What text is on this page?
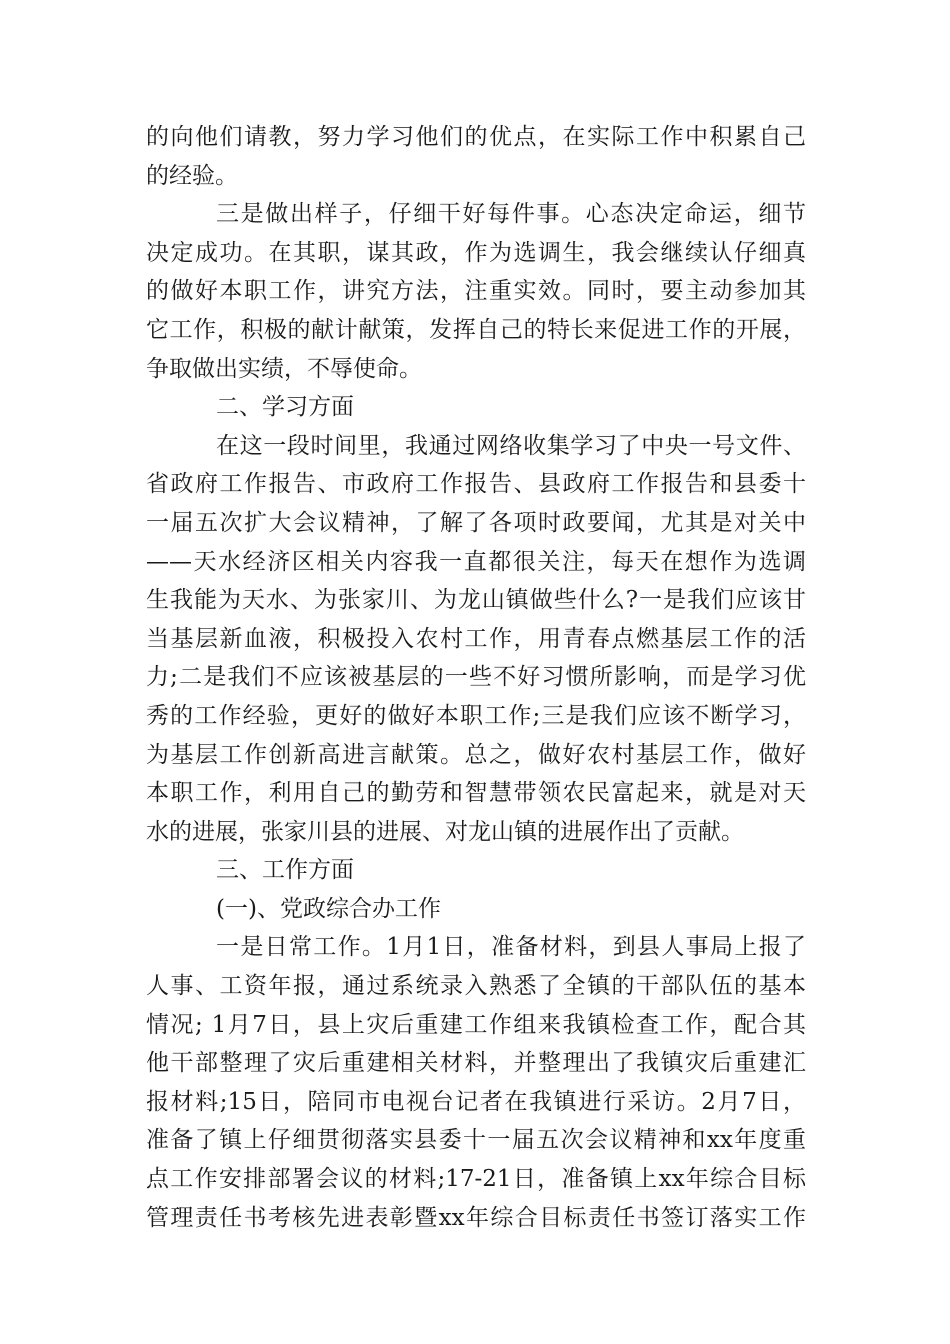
的向他们请教，努力学习他们的优点，在实际工作中积累自己
的经验。
三是做出样子，仔细干好每件事。心态决定命运，细节
决定成功。在其职，谋其政，作为选调生，我会继续认仔细真
的做好本职工作，讲究方法，注重实效。同时，要主动参加其
它工作，积极的献计献策，发挥自己的特长来促进工作的开展，
争取做出实绩，不辱使命。
二、学习方面
在这一段时间里，我通过网络收集学习了中央一号文件、
省政府工作报告、市政府工作报告、县政府工作报告和县委十
一届五次扩大会议精神，了解了各项时政要闻，尤其是对关中
——天水经济区相关内容我一直都很关注，每天在想作为选调
生我能为天水、为张家川、为龙山镇做些什么?一是我们应该甘
当基层新血液，积极投入农村工作，用青春点燃基层工作的活
力;二是我们不应该被基层的一些不好习惯所影响，而是学习优
秀的工作经验，更好的做好本职工作;三是我们应该不断学习，
为基层工作创新高进言献策。总之，做好农村基层工作，做好
本职工作，利用自己的勤劳和智慧带领农民富起来，就是对天
水的进展，张家川县的进展、对龙山镇的进展作出了贡献。
三、工作方面
(一)、党政综合办工作
一是日常工作。1月1日，准备材料，到县人事局上报了
人事、工资年报，通过系统录入熟悉了全镇的干部队伍的基本
情况; 1月7日，县上灾后重建工作组来我镇检查工作，配合其
他干部整理了灾后重建相关材料，并整理出了我镇灾后重建汇
报材料;15日，陪同市电视台记者在我镇进行采访。2月7日，
准备了镇上仔细贯彻落实县委十一届五次会议精神和xx年度重
点工作安排部署会议的材料;17-21日，准备镇上xx年综合目标
管理责任书考核先进表彰暨xx年综合目标责任书签订落实工作
